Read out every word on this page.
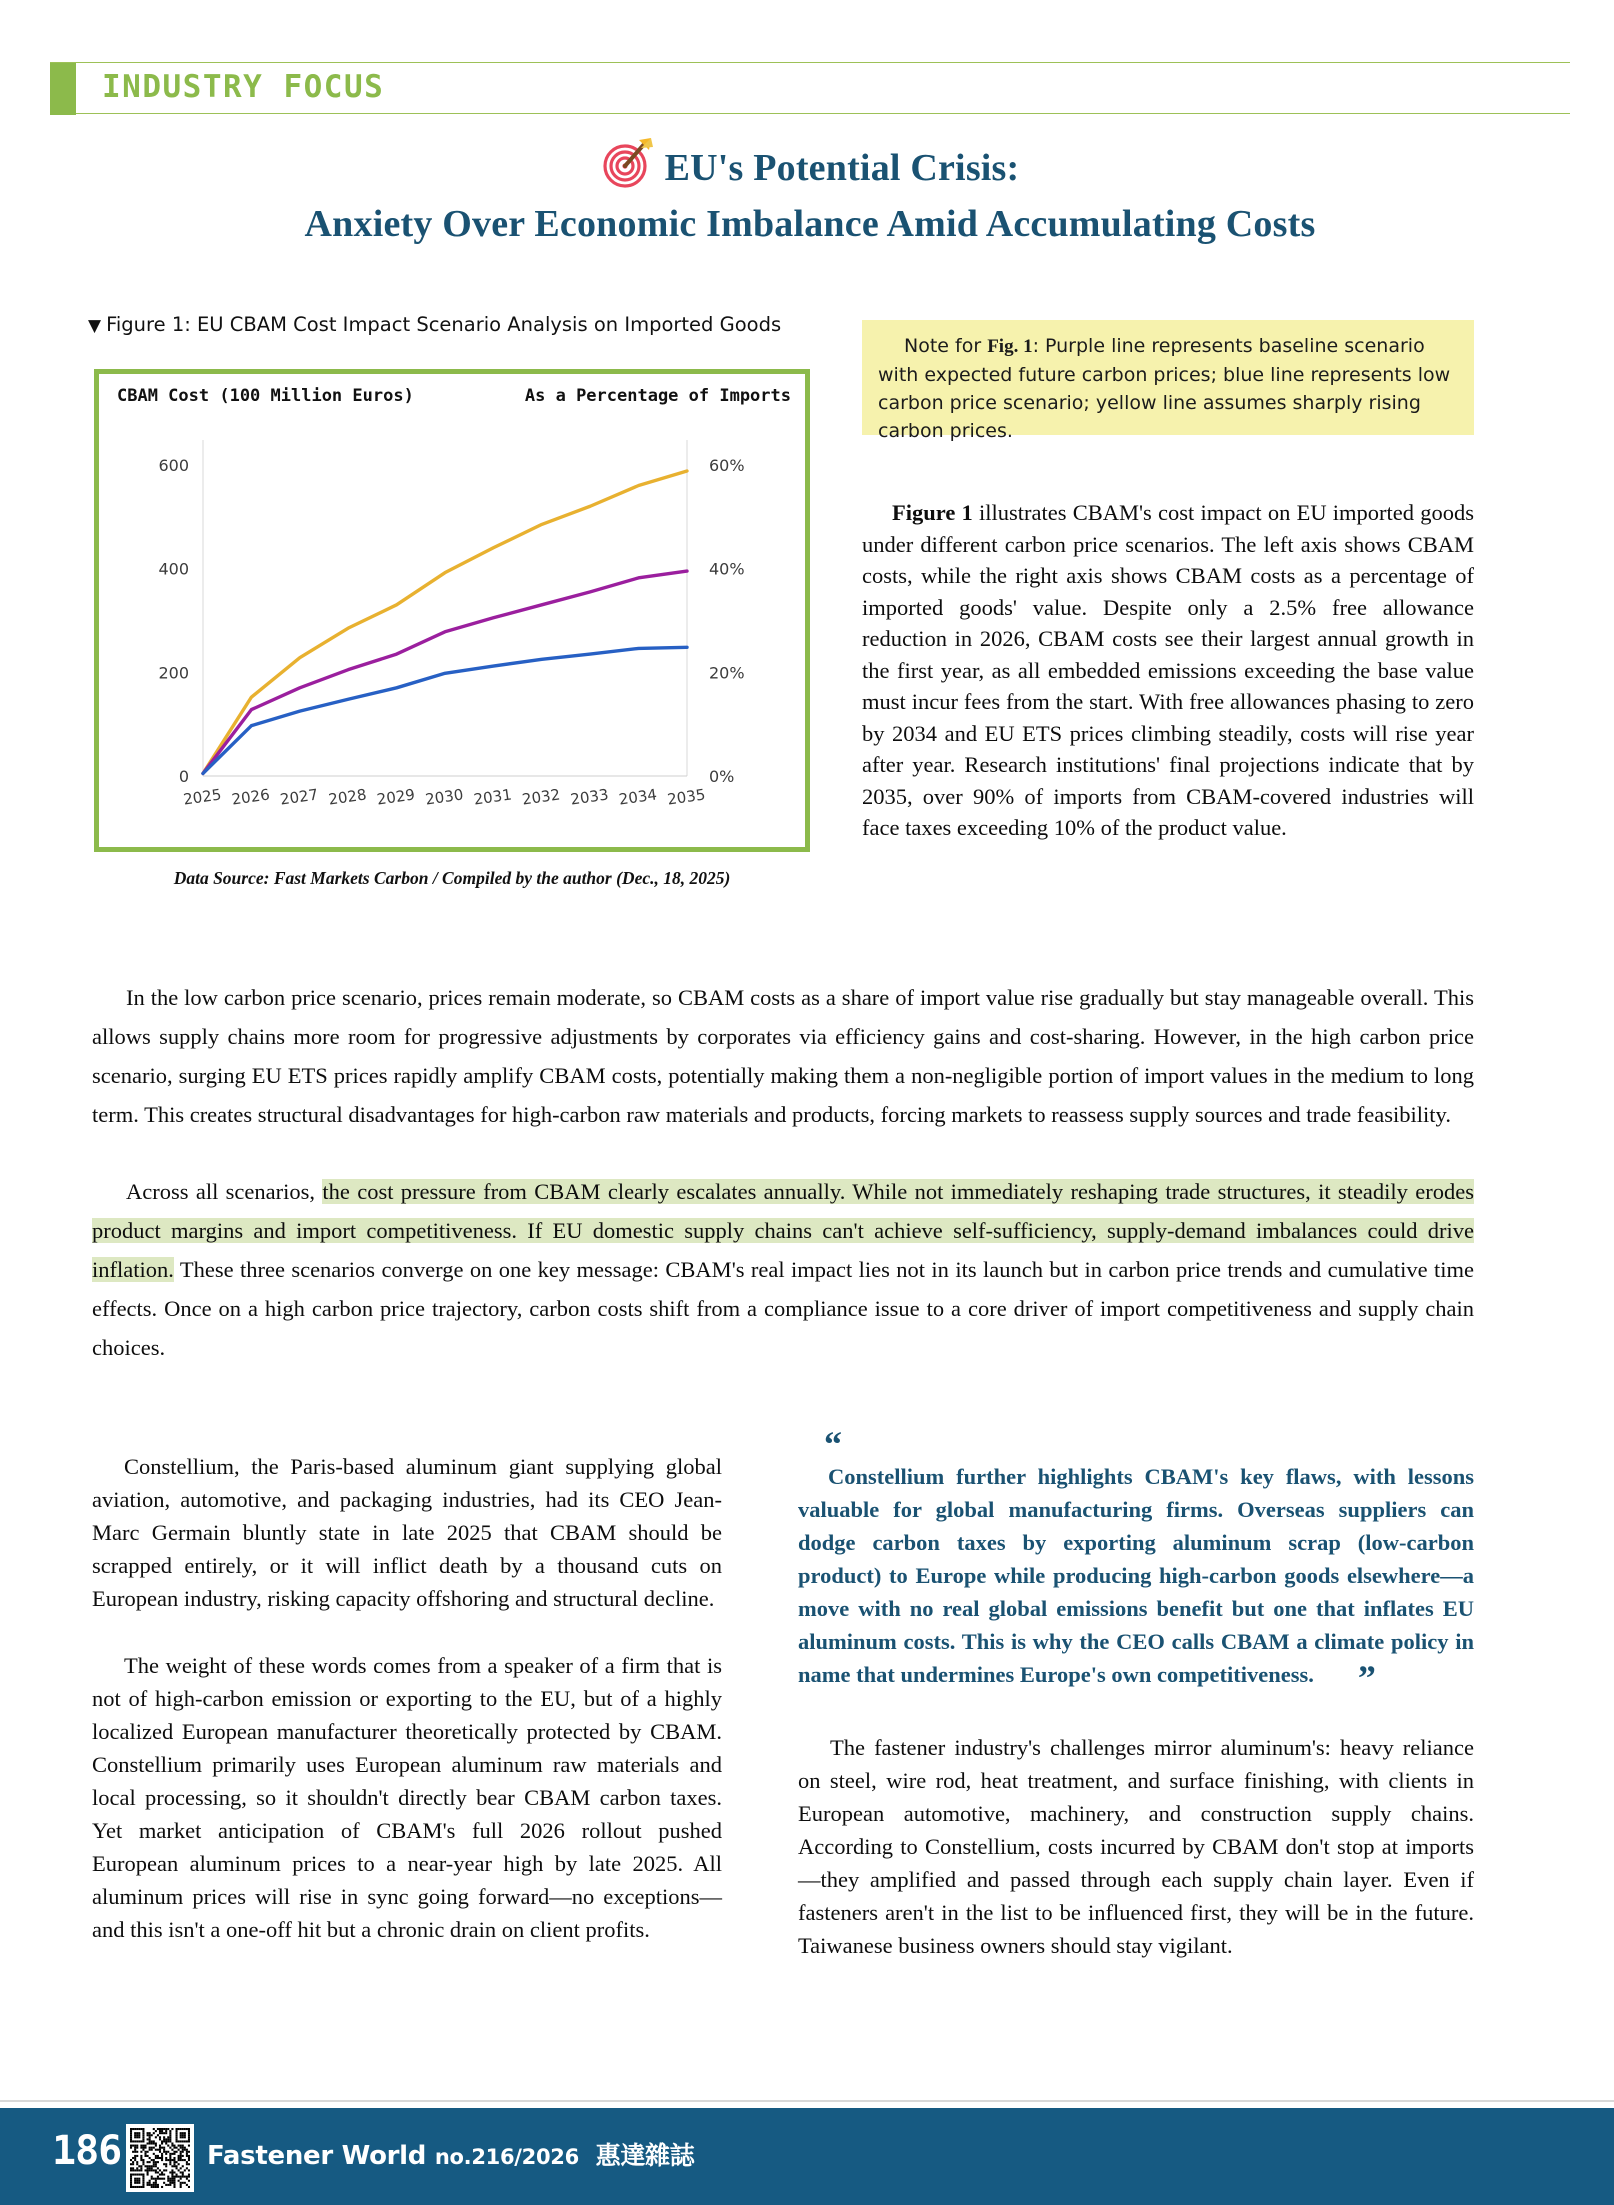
INDUSTRY FOCUS
EU's Potential Crisis:
Anxiety Over Economic Imbalance Amid Accumulating Costs
▼ Figure 1: EU CBAM Cost Impact Scenario Analysis on Imported Goods
CBAM Cost (100 Million Euros)	As a Percentage of Imports
0
200
400
600
0%
20%
40%
60%
2025 2026 2027 2028 2029 2030 2031 2032 2033 2034 2035
Data Source: Fast Markets Carbon / Compiled by the author (Dec., 18, 2025)

Note for Fig. 1: Purple line represents baseline scenario with expected future carbon prices; blue line represents low carbon price scenario; yellow line assumes sharply rising carbon prices.

Figure 1 illustrates CBAM's cost impact on EU imported goods under different carbon price scenarios. The left axis shows CBAM costs, while the right axis shows CBAM costs as a percentage of imported goods' value. Despite only a 2.5% free allowance reduction in 2026, CBAM costs see their largest annual growth in the first year, as all embedded emissions exceeding the base value must incur fees from the start. With free allowances phasing to zero by 2034 and EU ETS prices climbing steadily, costs will rise year after year. Research institutions' final projections indicate that by 2035, over 90% of imports from CBAM-covered industries will face taxes exceeding 10% of the product value.

In the low carbon price scenario, prices remain moderate, so CBAM costs as a share of import value rise gradually but stay manageable overall. This allows supply chains more room for progressive adjustments by corporates via efficiency gains and cost-sharing. However, in the high carbon price scenario, surging EU ETS prices rapidly amplify CBAM costs, potentially making them a non-negligible portion of import values in the medium to long term. This creates structural disadvantages for high-carbon raw materials and products, forcing markets to reassess supply sources and trade feasibility.

Across all scenarios, the cost pressure from CBAM clearly escalates annually. While not immediately reshaping trade structures, it steadily erodes product margins and import competitiveness. If EU domestic supply chains can't achieve self-sufficiency, supply-demand imbalances could drive inflation. These three scenarios converge on one key message: CBAM's real impact lies not in its launch but in carbon price trends and cumulative time effects. Once on a high carbon price trajectory, carbon costs shift from a compliance issue to a core driver of import competitiveness and supply chain choices.

Constellium, the Paris-based aluminum giant supplying global aviation, automotive, and packaging industries, had its CEO Jean-Marc Germain bluntly state in late 2025 that CBAM should be scrapped entirely, or it will inflict death by a thousand cuts on European industry, risking capacity offshoring and structural decline.

The weight of these words comes from a speaker of a firm that is not of high-carbon emission or exporting to the EU, but of a highly localized European manufacturer theoretically protected by CBAM. Constellium primarily uses European aluminum raw materials and local processing, so it shouldn't directly bear CBAM carbon taxes. Yet market anticipation of CBAM's full 2026 rollout pushed European aluminum prices to a near-year high by late 2025. All aluminum prices will rise in sync going forward—no exceptions—and this isn't a one-off hit but a chronic drain on client profits.

“
Constellium further highlights CBAM's key flaws, with lessons valuable for global manufacturing firms. Overseas suppliers can dodge carbon taxes by exporting aluminum scrap (low-carbon product) to Europe while producing high-carbon goods elsewhere—a move with no real global emissions benefit but one that inflates EU aluminum costs. This is why the CEO calls CBAM a climate policy in name that undermines Europe's own competitiveness. ”

The fastener industry's challenges mirror aluminum's: heavy reliance on steel, wire rod, heat treatment, and surface finishing, with clients in European automotive, machinery, and construction supply chains. According to Constellium, costs incurred by CBAM don't stop at imports—they amplified and passed through each supply chain layer. Even if fasteners aren't in the list to be influenced first, they will be in the future. Taiwanese business owners should stay vigilant.

186	Fastener World no.216/2026 惠達雜誌
